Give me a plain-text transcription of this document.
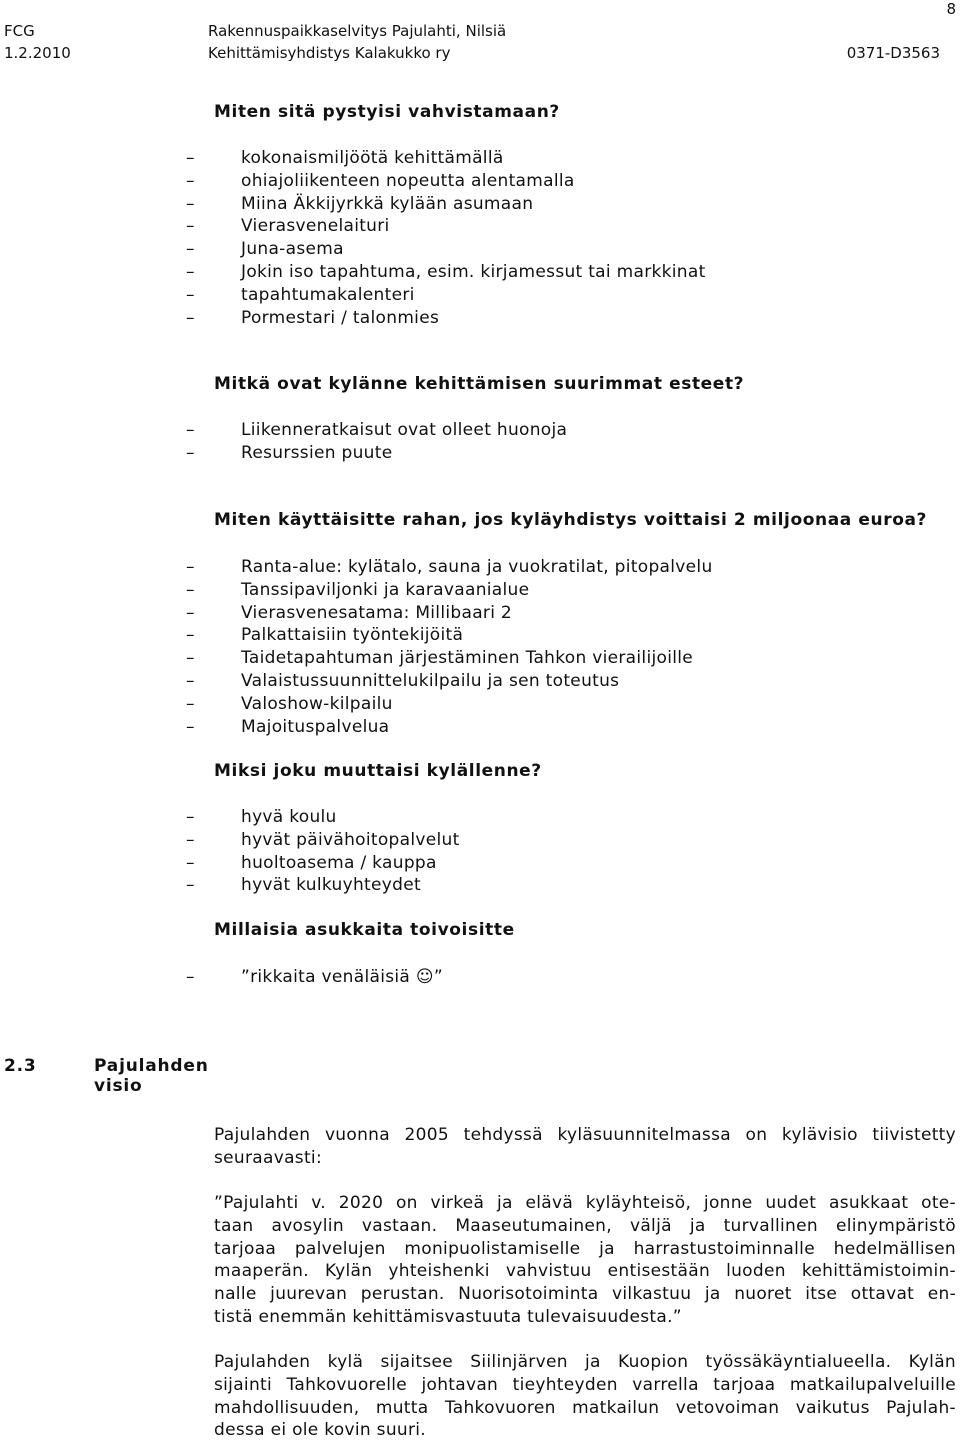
8
FCG	Rakennuspaikkaselvitys Pajulahti, Nilsiä
1.2.2010	Kehittämisyhdistys Kalakukko ry	0371-D3563
Miten sitä pystyisi vahvistamaan?
–	kokonaismiljöötä kehittämällä
–	ohiajoliikenteen nopeutta alentamalla
–	Miina Äkkijyrkkä kylään asumaan
–	Vierasvenelaituri
–	Juna-asema
–	Jokin iso tapahtuma, esim. kirjamessut tai markkinat
–	tapahtumakalenteri
–	Pormestari / talonmies
Mitkä ovat kylänne kehittämisen suurimmat esteet?
–	Liikenneratkaisut ovat olleet huonoja
–	Resurssien puute
Miten käyttäisitte rahan, jos kyläyhdistys voittaisi 2 miljoonaa euroa?
–	Ranta-alue: kylätalo, sauna ja vuokratilat, pitopalvelu
–	Tanssipaviljonki ja karavaanialue
–	Vierasvenesatama: Millibaari 2
–	Palkattaisiin työntekijöitä
–	Taidetapahtuman järjestäminen Tahkon vierailijoille
–	Valaistussuunnittelukilpailu ja sen toteutus
–	Valoshow-kilpailu
–	Majoituspalvelua
Miksi joku muuttaisi kylällenne?
–	hyvä koulu
–	hyvät päivähoitopalvelut
–	huoltoasema / kauppa
–	hyvät kulkuyhteydet
Millaisia asukkaita toivoisitte
–	”rikkaita venäläisiä ☺”
2.3	Pajulahden visio

Pajulahden vuonna 2005 tehdyssä kyläsuunnitelmassa on kylävisio tiivistetty
seuraavasti:

”Pajulahti v. 2020 on virkeä ja elävä kyläyhteisö, jonne uudet asukkaat ote-
taan avosylin vastaan. Maaseutumainen, väljä ja turvallinen elinympäristö
tarjoaa palvelujen monipuolistamiselle ja harrastustoiminnalle hedelmällisen
maaperän. Kylän yhteishenki vahvistuu entisestään luoden kehittämistoimin-
nalle juurevan perustan. Nuorisotoiminta vilkastuu ja nuoret itse ottavat en-
tistä enemmän kehittämisvastuuta tulevaisuudesta.”

Pajulahden kylä sijaitsee Siilinjärven ja Kuopion työssäkäyntialueella. Kylän
sijainti Tahkovuorelle johtavan tieyhteyden varrella tarjoaa matkailupalveluille
mahdollisuuden, mutta Tahkovuoren matkailun vetovoiman vaikutus Pajulah-
dessa ei ole kovin suuri.
